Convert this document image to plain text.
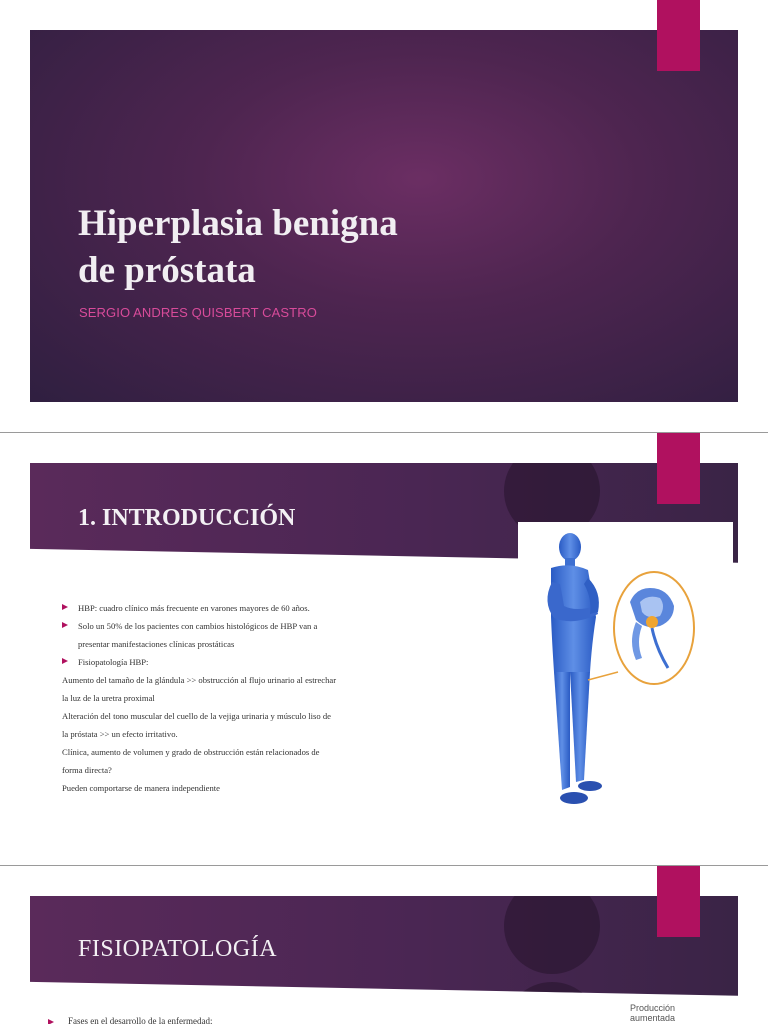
Hiperplasia benigna
de próstata
SERGIO ANDRES QUISBERT CASTRO
1. INTRODUCCIÓN
HBP: cuadro clínico más frecuente en varones mayores de 60 años.
Solo un 50% de los pacientes con cambios histológicos de HBP van a presentar manifestaciones clínicas prostáticas
Fisiopatología HBP:
Aumento del tamaño de la glándula >> obstrucción al flujo urinario al estrechar la luz de la uretra proximal
Alteración del tono muscular del cuello de la vejiga urinaria y músculo liso de la próstata >> un efecto irritativo.
Clínica, aumento de volumen y grado de obstrucción están relacionados de forma directa?
Pueden comportarse de manera independiente
FISIOPATOLOGÍA
Producción
aumentada
Fases en el desarrollo de la enfermedad:
